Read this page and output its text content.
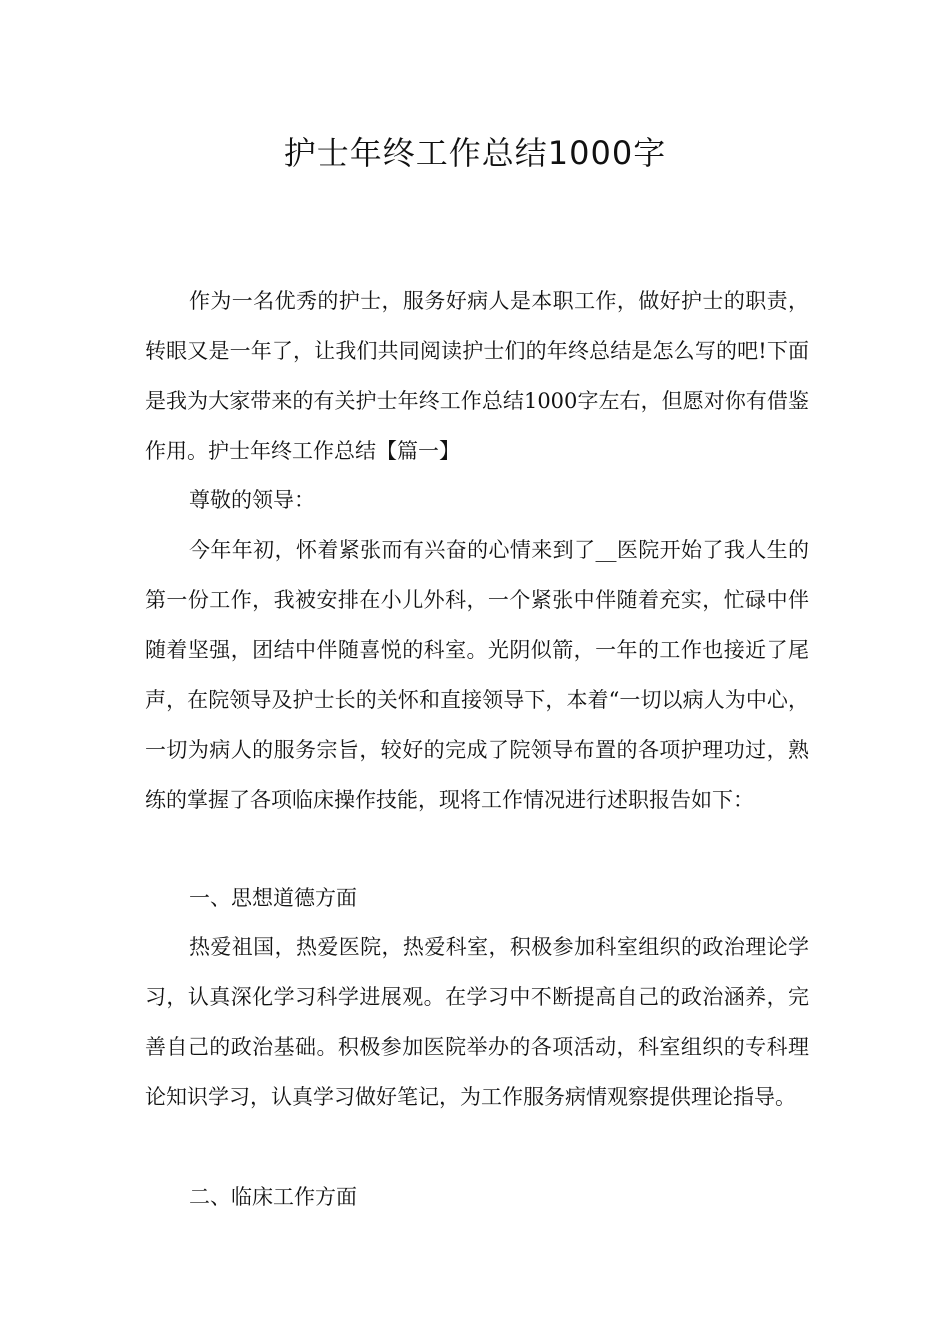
护士年终工作总结1000字

作为一名优秀的护士，服务好病人是本职工作，做好护士的职责，转眼又是一年了，让我们共同阅读护士们的年终总结是怎么写的吧!下面是我为大家带来的有关护士年终工作总结1000字左右，但愿对你有借鉴作用。护士年终工作总结【篇一】

尊敬的领导：

今年年初，怀着紧张而有兴奋的心情来到了__医院开始了我人生的第一份工作，我被安排在小儿外科，一个紧张中伴随着充实，忙碌中伴随着坚强，团结中伴随喜悦的科室。光阴似箭，一年的工作也接近了尾声，在院领导及护士长的关怀和直接领导下，本着“一切以病人为中心，一切为病人的服务宗旨，较好的完成了院领导布置的各项护理功过，熟练的掌握了各项临床操作技能，现将工作情况进行述职报告如下：

一、思想道德方面

热爱祖国，热爱医院，热爱科室，积极参加科室组织的政治理论学习，认真深化学习科学进展观。在学习中不断提高自己的政治涵养，完善自己的政治基础。积极参加医院举办的各项活动，科室组织的专科理论知识学习，认真学习做好笔记，为工作服务病情观察提供理论指导。

二、临床工作方面
